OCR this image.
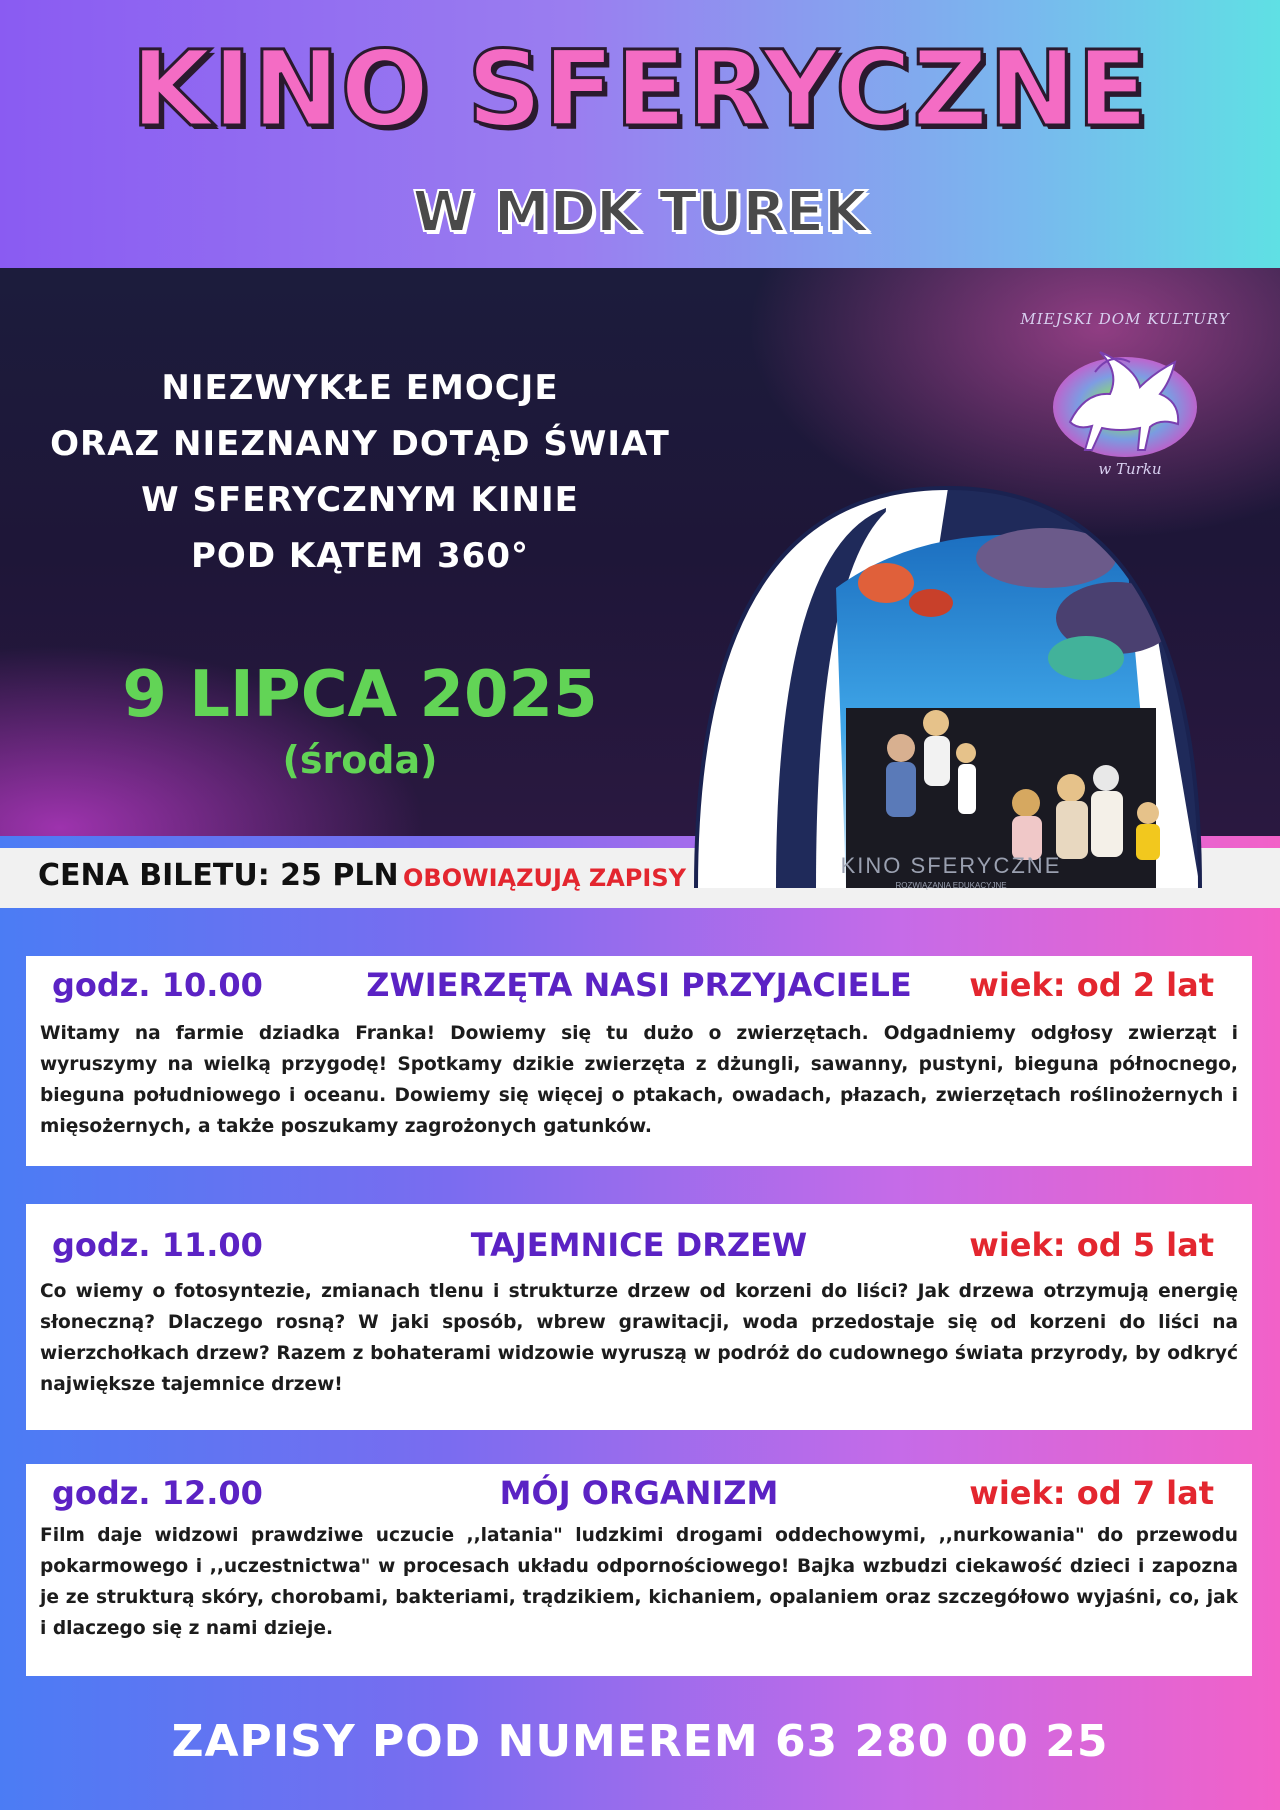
KINO SFERYCZNE
W MDK TUREK
NIEZWYKŁE EMOCJE
ORAZ NIEZNANY DOTĄD ŚWIAT
W SFERYCZNYM KINIE
POD KĄTEM 360°
9 LIPCA 2025
(środa)
MIEJSKI DOM KULTURY
w Turku
CENA BILETU: 25 PLN OBOWIĄZUJĄ ZAPISY	KINO SFERYCZNE
ROZWIĄZANIA EDUKACYJNE
ZWIERZĘTA NASI PRZYJACIELE
godz. 10.00	wiek: od 2 lat
Witamy na farmie dziadka Franka! Dowiemy się tu dużo o zwierzętach. Odgadniemy odgłosy zwierząt i wyruszymy na wielką przygodę! Spotkamy dzikie zwierzęta z dżungli, sawanny, pustyni, bieguna północnego, bieguna południowego i oceanu. Dowiemy się więcej o ptakach, owadach, płazach, zwierzętach roślinożernych i mięsożernych, a także poszukamy zagrożonych gatunków.
TAJEMNICE DRZEW
godz. 11.00	wiek: od 5 lat
Co wiemy o fotosyntezie, zmianach tlenu i strukturze drzew od korzeni do liści? Jak drzewa otrzymują energię słoneczną? Dlaczego rosną? W jaki sposób, wbrew grawitacji, woda przedostaje się od korzeni do liści na wierzchołkach drzew? Razem z bohaterami widzowie wyruszą w podróż do cudownego świata przyrody, by odkryć największe tajemnice drzew!
MÓJ ORGANIZM
godz. 12.00	wiek: od 7 lat
Film daje widzowi prawdziwe uczucie ,,latania" ludzkimi drogami oddechowymi, ,,nurkowania" do przewodu pokarmowego i ,,uczestnictwa" w procesach układu odpornościowego! Bajka wzbudzi ciekawość dzieci i zapozna je ze strukturą skóry, chorobami, bakteriami, trądzikiem, kichaniem, opalaniem oraz szczegółowo wyjaśni, co, jak i dlaczego się z nami dzieje.
ZAPISY POD NUMEREM 63 280 00 25
